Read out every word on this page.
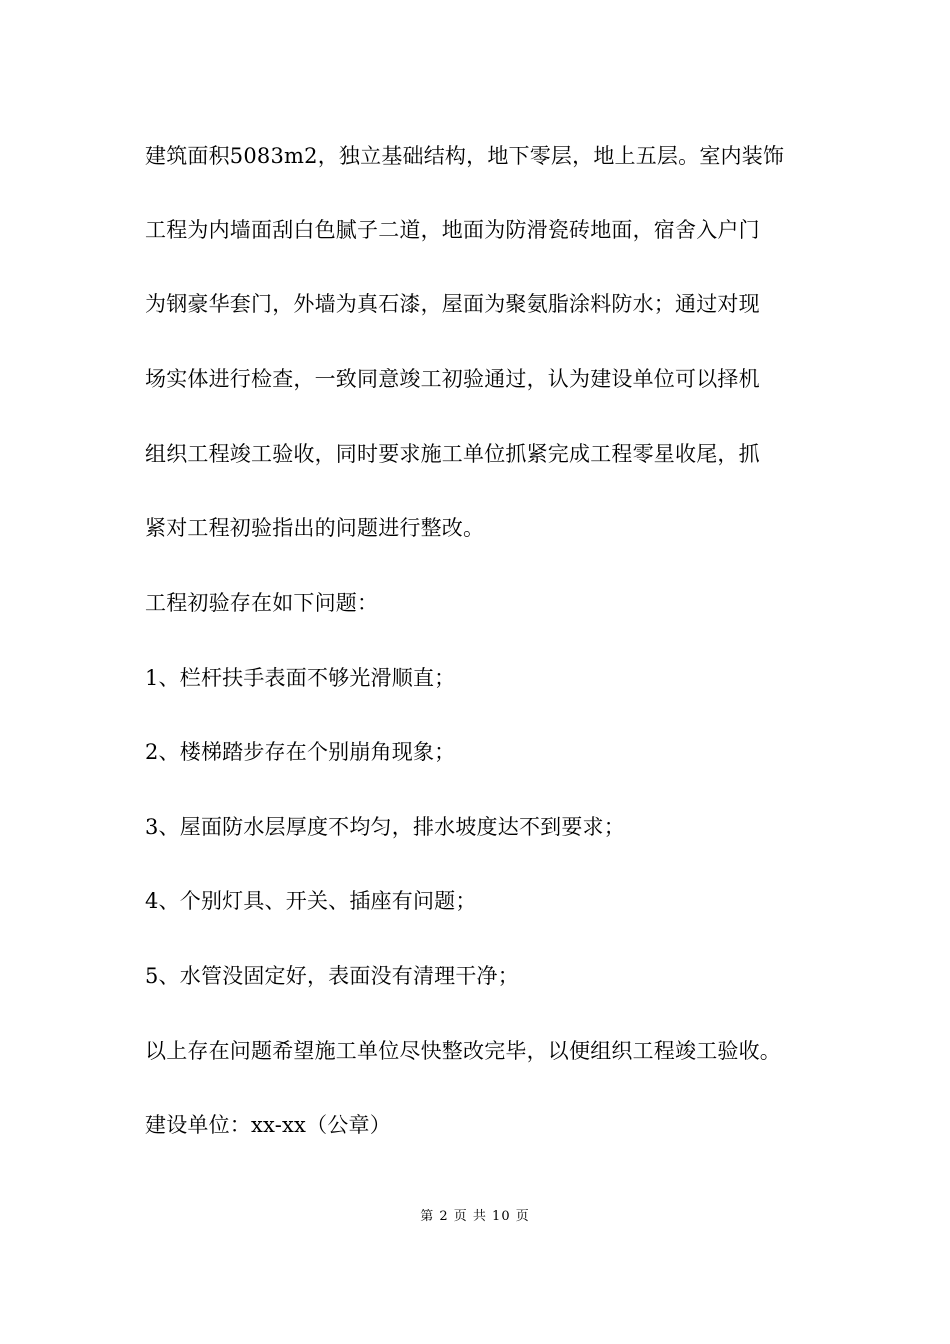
建筑面积5083m2，独立基础结构，地下零层，地上五层。室内装饰
工程为内墙面刮白色腻子二道，地面为防滑瓷砖地面，宿舍入户门
为钢豪华套门，外墙为真石漆，屋面为聚氨脂涂料防水；通过对现
场实体进行检查，一致同意竣工初验通过，认为建设单位可以择机
组织工程竣工验收，同时要求施工单位抓紧完成工程零星收尾，抓
紧对工程初验指出的问题进行整改。
工程初验存在如下问题：
1、栏杆扶手表面不够光滑顺直；
2、楼梯踏步存在个别崩角现象；
3、屋面防水层厚度不均匀，排水坡度达不到要求；
4、个别灯具、开关、插座有问题；
5、水管没固定好，表面没有清理干净；
以上存在问题希望施工单位尽快整改完毕，以便组织工程竣工验收。
建设单位：xx-xx（公章）
第 2 页 共 10 页
